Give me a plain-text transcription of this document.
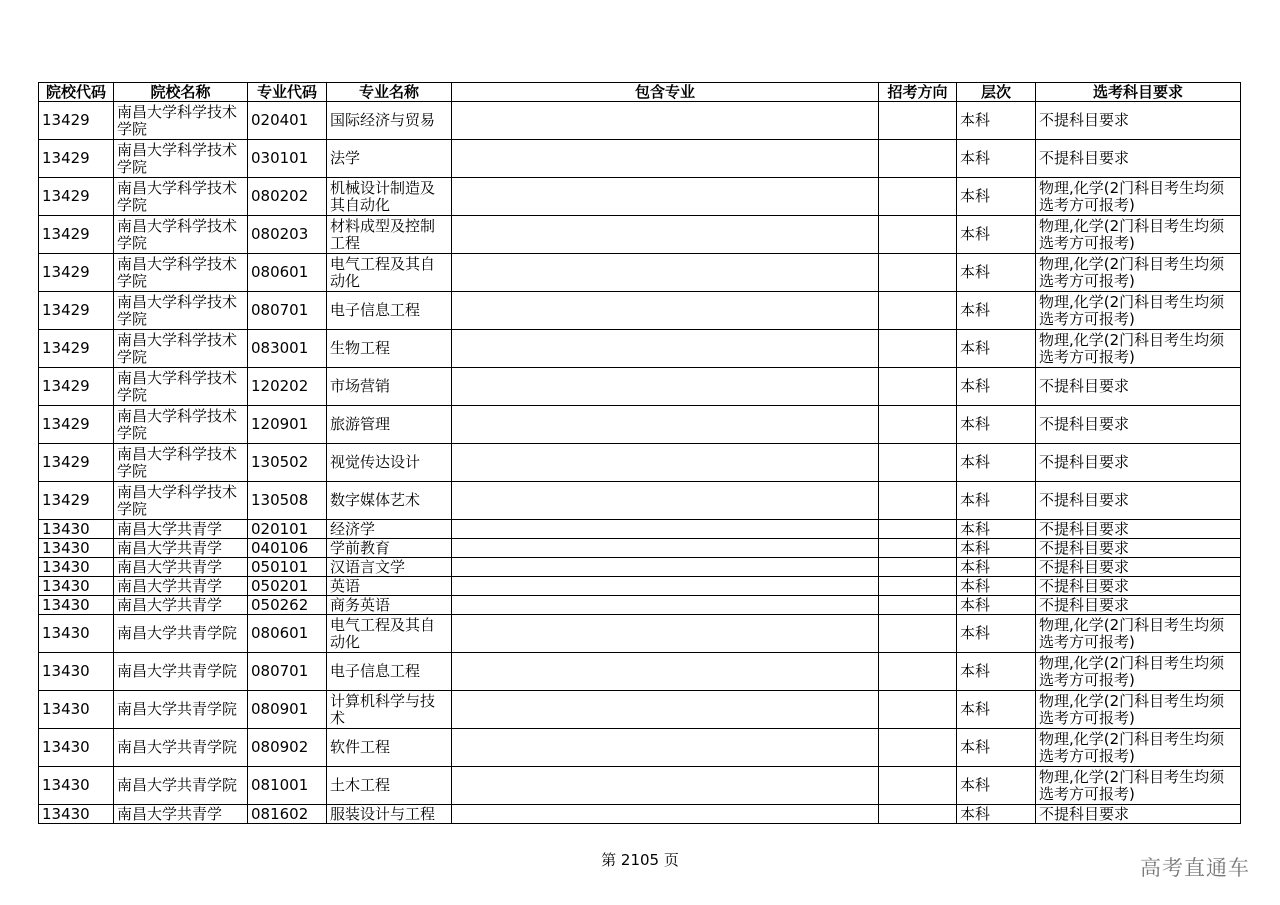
院校代码	院校名称	专业代码	专业名称	包含专业	招考方向	层次	选考科目要求
13429	南昌大学科学技术学院	020401	国际经济与贸易			本科	不提科目要求
13429	南昌大学科学技术学院	030101	法学			本科	不提科目要求
13429	南昌大学科学技术学院	080202	机械设计制造及其自动化			本科	物理,化学(2门科目考生均须选考方可报考)
13429	南昌大学科学技术学院	080203	材料成型及控制工程			本科	物理,化学(2门科目考生均须选考方可报考)
13429	南昌大学科学技术学院	080601	电气工程及其自动化			本科	物理,化学(2门科目考生均须选考方可报考)
13429	南昌大学科学技术学院	080701	电子信息工程			本科	物理,化学(2门科目考生均须选考方可报考)
13429	南昌大学科学技术学院	083001	生物工程			本科	物理,化学(2门科目考生均须选考方可报考)
13429	南昌大学科学技术学院	120202	市场营销			本科	不提科目要求
13429	南昌大学科学技术学院	120901	旅游管理			本科	不提科目要求
13429	南昌大学科学技术学院	130502	视觉传达设计			本科	不提科目要求
13429	南昌大学科学技术学院	130508	数字媒体艺术			本科	不提科目要求
13430	南昌大学共青学	020101	经济学			本科	不提科目要求
13430	南昌大学共青学	040106	学前教育			本科	不提科目要求
13430	南昌大学共青学	050101	汉语言文学			本科	不提科目要求
13430	南昌大学共青学	050201	英语			本科	不提科目要求
13430	南昌大学共青学	050262	商务英语			本科	不提科目要求
13430	南昌大学共青学院	080601	电气工程及其自动化			本科	物理,化学(2门科目考生均须选考方可报考)
13430	南昌大学共青学院	080701	电子信息工程			本科	物理,化学(2门科目考生均须选考方可报考)
13430	南昌大学共青学院	080901	计算机科学与技术			本科	物理,化学(2门科目考生均须选考方可报考)
13430	南昌大学共青学院	080902	软件工程			本科	物理,化学(2门科目考生均须选考方可报考)
13430	南昌大学共青学院	081001	土木工程			本科	物理,化学(2门科目考生均须选考方可报考)
13430	南昌大学共青学	081602	服装设计与工程			本科	不提科目要求
第 2105 页	高考直通车
